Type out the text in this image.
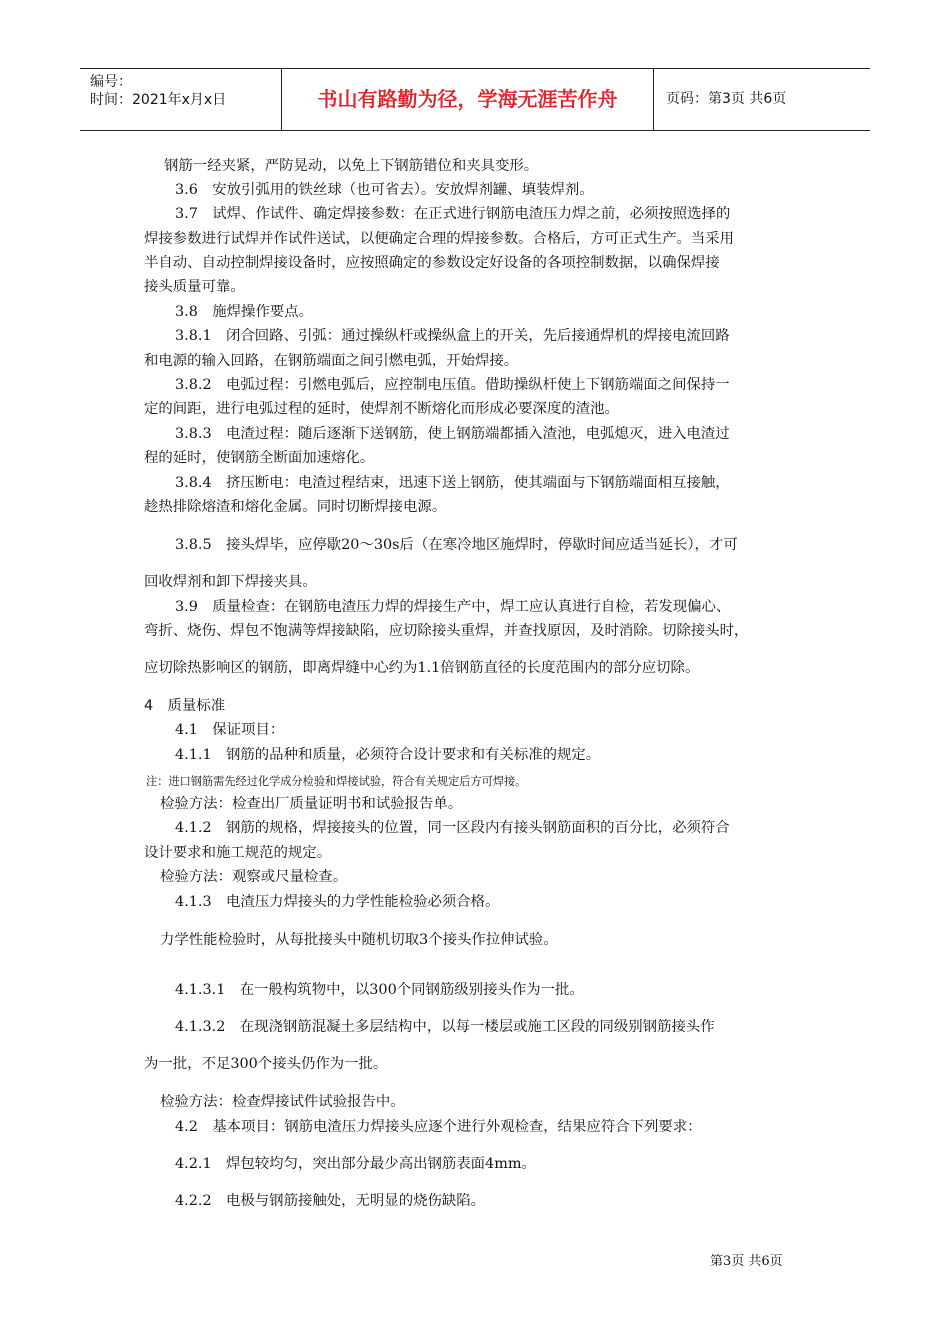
编号：
时间：2021年x月x日	书山有路勤为径，学海无涯苦作舟	页码：第3页 共6页
钢筋一经夹紧，严防晃动，以免上下钢筋错位和夹具变形。
3.6　安放引弧用的铁丝球（也可省去）。安放焊剂罐、填装焊剂。
3.7　试焊、作试件、确定焊接参数：在正式进行钢筋电渣压力焊之前，必须按照选择的
焊接参数进行试焊并作试件送试，以便确定合理的焊接参数。合格后，方可正式生产。当采用
半自动、自动控制焊接设备时，应按照确定的参数设定好设备的各项控制数据，以确保焊接
接头质量可靠。
3.8　施焊操作要点。
3.8.1　闭合回路、引弧：通过操纵杆或操纵盒上的开关，先后接通焊机的焊接电流回路
和电源的输入回路，在钢筋端面之间引燃电弧，开始焊接。
3.8.2　电弧过程：引燃电弧后，应控制电压值。借助操纵杆使上下钢筋端面之间保持一
定的间距，进行电弧过程的延时，使焊剂不断熔化而形成必要深度的渣池。
3.8.3　电渣过程：随后逐渐下送钢筋，使上钢筋端都插入渣池，电弧熄灭，进入电渣过
程的延时，使钢筋全断面加速熔化。
3.8.4　挤压断电：电渣过程结束，迅速下送上钢筋，使其端面与下钢筋端面相互接触，
趁热排除熔渣和熔化金属。同时切断焊接电源。
3.8.5　接头焊毕，应停歇20～30s后（在寒冷地区施焊时，停歇时间应适当延长），才可
回收焊剂和卸下焊接夹具。
3.9　质量检查：在钢筋电渣压力焊的焊接生产中，焊工应认真进行自检，若发现偏心、
弯折、烧伤、焊包不饱满等焊接缺陷，应切除接头重焊，并查找原因，及时消除。切除接头时，
应切除热影响区的钢筋，即离焊缝中心约为1.1倍钢筋直径的长度范围内的部分应切除。
4　质量标准
4.1　保证项目：
4.1.1　钢筋的品种和质量，必须符合设计要求和有关标准的规定。
注：进口钢筋需先经过化学成分检验和焊接试验，符合有关规定后方可焊接。
检验方法：检查出厂质量证明书和试验报告单。
4.1.2　钢筋的规格，焊接接头的位置，同一区段内有接头钢筋面积的百分比，必须符合
设计要求和施工规范的规定。
检验方法：观察或尺量检查。
4.1.3　电渣压力焊接头的力学性能检验必须合格。
力学性能检验时，从每批接头中随机切取3个接头作拉伸试验。
4.1.3.1　在一般构筑物中，以300个同钢筋级别接头作为一批。
4.1.3.2　在现浇钢筋混凝土多层结构中，以每一楼层或施工区段的同级别钢筋接头作
为一批，不足300个接头仍作为一批。
检验方法：检查焊接试件试验报告中。
4.2　基本项目：钢筋电渣压力焊接头应逐个进行外观检查，结果应符合下列要求：
4.2.1　焊包较均匀，突出部分最少高出钢筋表面4mm。
4.2.2　电极与钢筋接触处，无明显的烧伤缺陷。
第3页 共6页
